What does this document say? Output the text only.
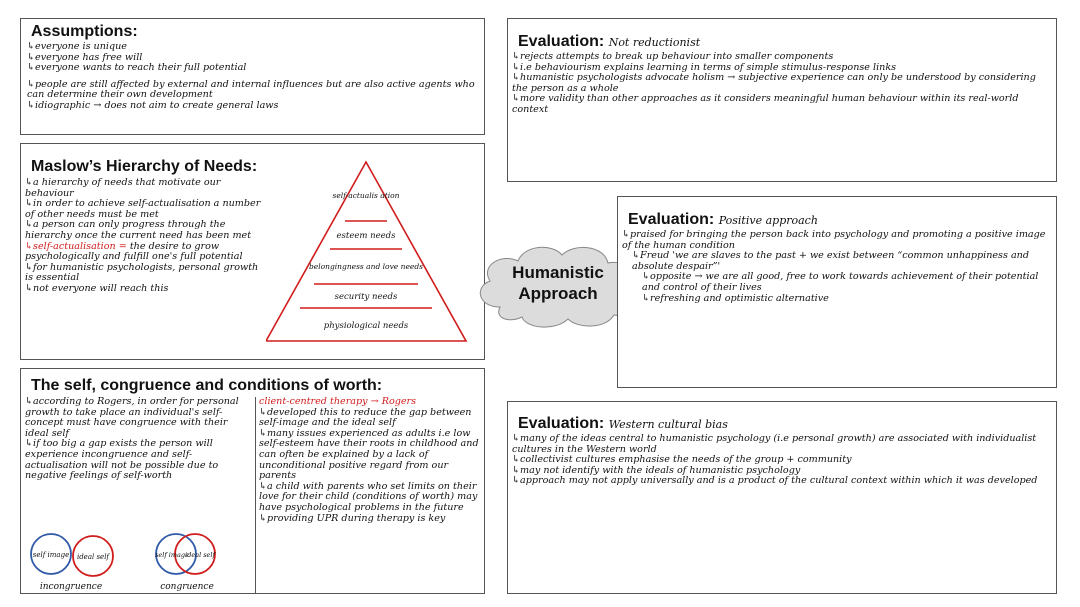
Assumptions:

↳everyone is unique

↳everyone has free will

↳everyone wants to reach their full potential

↳people are still affected by external and internal influences but are also active agents who can determine their own development

↳idiographic → does not aim to create general laws

Maslow’s Hierarchy of Needs:

↳a hierarchy of needs that motivate our behaviour

↳in order to achieve self-actualisation a number of other needs must be met

↳a person can only progress through the hierarchy once the current need has been met

↳self-actualisation = the desire to grow psychologically and fulfill one's full potential

↳for humanistic psychologists, personal growth is essential

↳not everyone will reach this

self-actualis ation
esteem needs
belongingness and love needs
security needs
physiological needs
The self, congruence and conditions of worth:

↳according to Rogers, in order for personal growth to take place an individual's self-concept must have congruence with their ideal self

↳if too big a gap exists the person will experience incongruence and self-actualisation will not be possible due to negative feelings of self-worth

client-centred therapy → Rogers

↳developed this to reduce the gap between self-image and the ideal self

↳many issues experienced as adults i.e low self-esteem have their roots in childhood and can often be explained by a lack of unconditional positive regard from our parents

↳a child with parents who set limits on their love for their child (conditions of worth) may have psychological problems in the future

↳providing UPR during therapy is key

self image ideal self
incongruence
self image
ideal self
congruence
Humanistic
Approach
Evaluation: Not reductionist

↳rejects attempts to break up behaviour into smaller components

↳i.e behaviourism explains learning in terms of simple stimulus-response links

↳humanistic psychologists advocate holism → subjective experience can only be understood by considering the person as a whole

↳more validity than other approaches as it considers meaningful human behaviour within its real-world context

Evaluation: Positive approach

↳praised for bringing the person back into psychology and promoting a positive image of the human condition

↳Freud 'we are slaves to the past + we exist between “common unhappiness and absolute despair”'

↳opposite → we are all good, free to work towards achievement of their potential and control of their lives

↳refreshing and optimistic alternative

Evaluation: Western cultural bias

↳many of the ideas central to humanistic psychology (i.e personal growth) are associated with individualist cultures in the Western world

↳collectivist cultures emphasise the needs of the group + community

↳may not identify with the ideals of humanistic psychology

↳approach may not apply universally and is a product of the cultural context within which it was developed
